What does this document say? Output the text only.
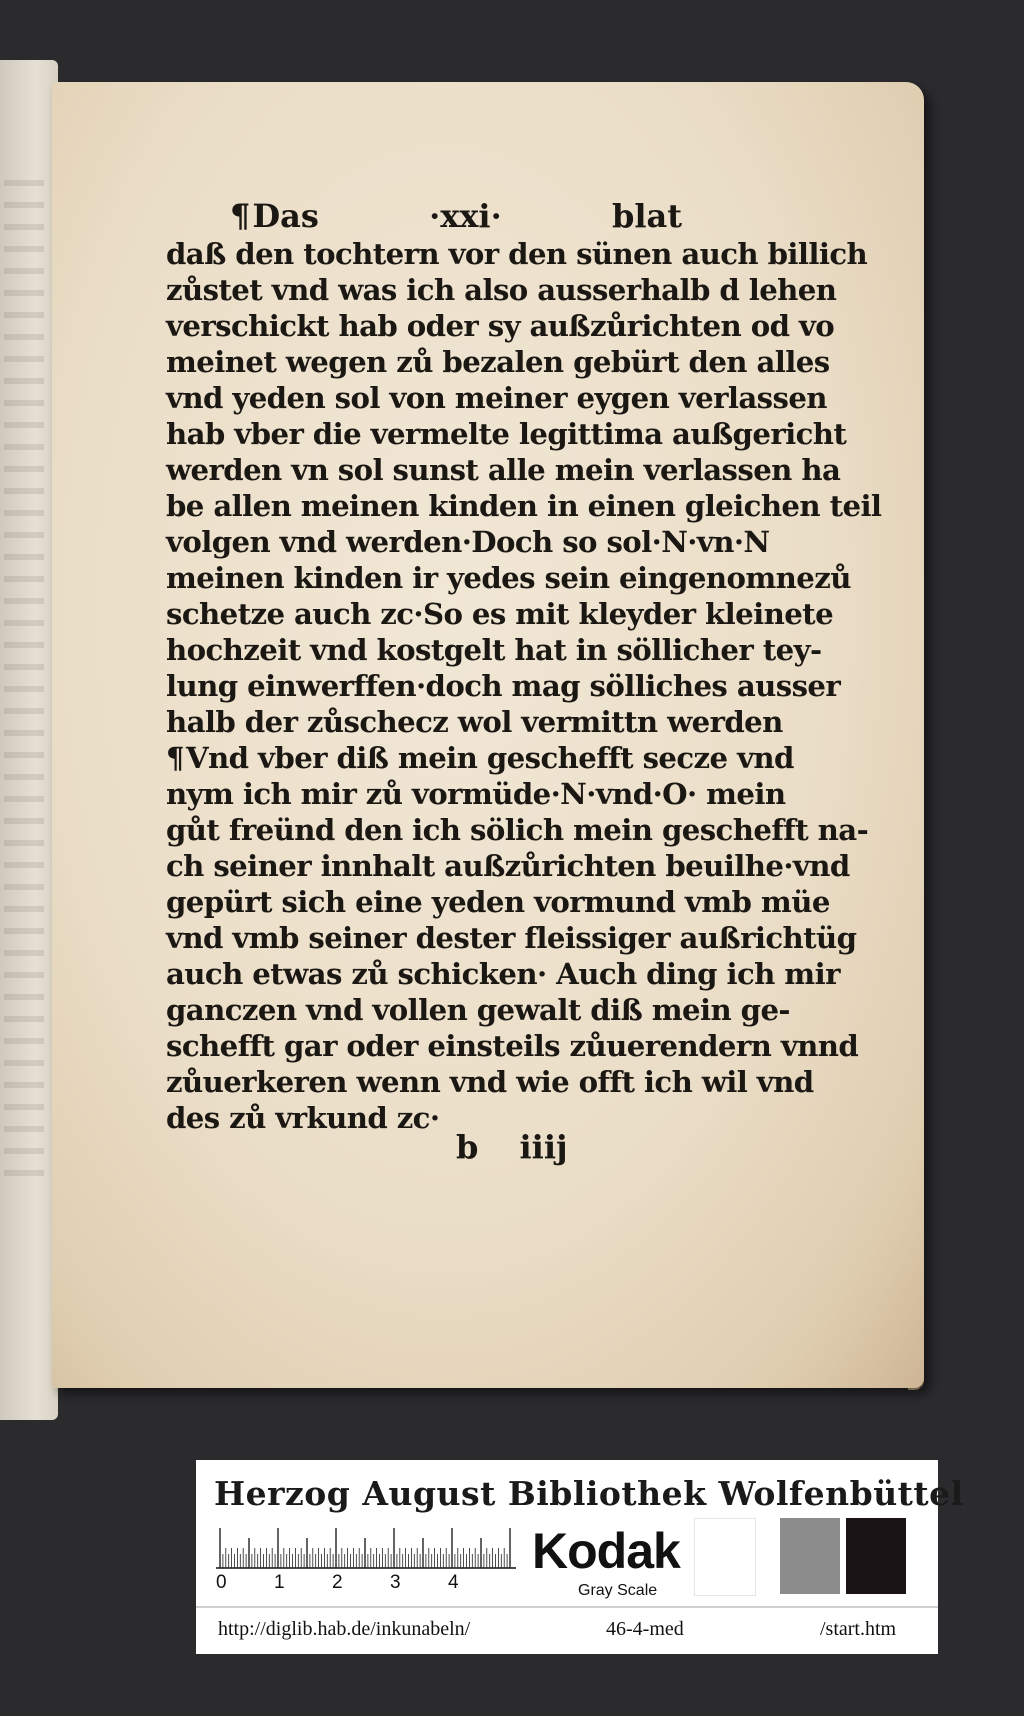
¶Das	·xxi·	blat
daß den tochtern vor den sünen auch billich
zůstet vnd was ich also ausserhalb d lehen
verschickt hab oder sy außzůrichten od vo
meinet wegen zů bezalen gebürt den alles
vnd yeden sol von meiner eygen verlassen
hab vber die vermelte legittima außgericht
werden vn sol sunst alle mein verlassen ha
be allen meinen kinden in einen gleichen teil
volgen vnd werden·Doch so sol·N·vn·N
meinen kinden ir yedes sein eingenomnezů
schetze auch zc·So es mit kleyder kleinete
hochzeit vnd kostgelt hat in söllicher tey-
lung einwerffen·doch mag sölliches ausser
halb der zůschecz wol vermittn werden
¶Vnd vber diß mein geschefft secze vnd
nym ich mir zů vormüde·N·vnd·O· mein
gůt freünd den ich sölich mein geschefft na-
ch seiner innhalt außzůrichten beuilhe·vnd
gepürt sich eine yeden vormund vmb müe
vnd vmb seiner dester fleissiger außrichtüg
auch etwas zů schicken· Auch ding ich mir
ganczen vnd vollen gewalt diß mein ge-
schefft gar oder einsteils zůuerendern vnnd
zůuerkeren wenn vnd wie offt ich wil vnd
des zů vrkund zc·
b iiij
Herzog August Bibliothek Wolfenbüttel
0 1 2 3 4
Kodak
Gray Scale
http://diglib.hab.de/inkunabeln/	46-4-med	/start.htm
